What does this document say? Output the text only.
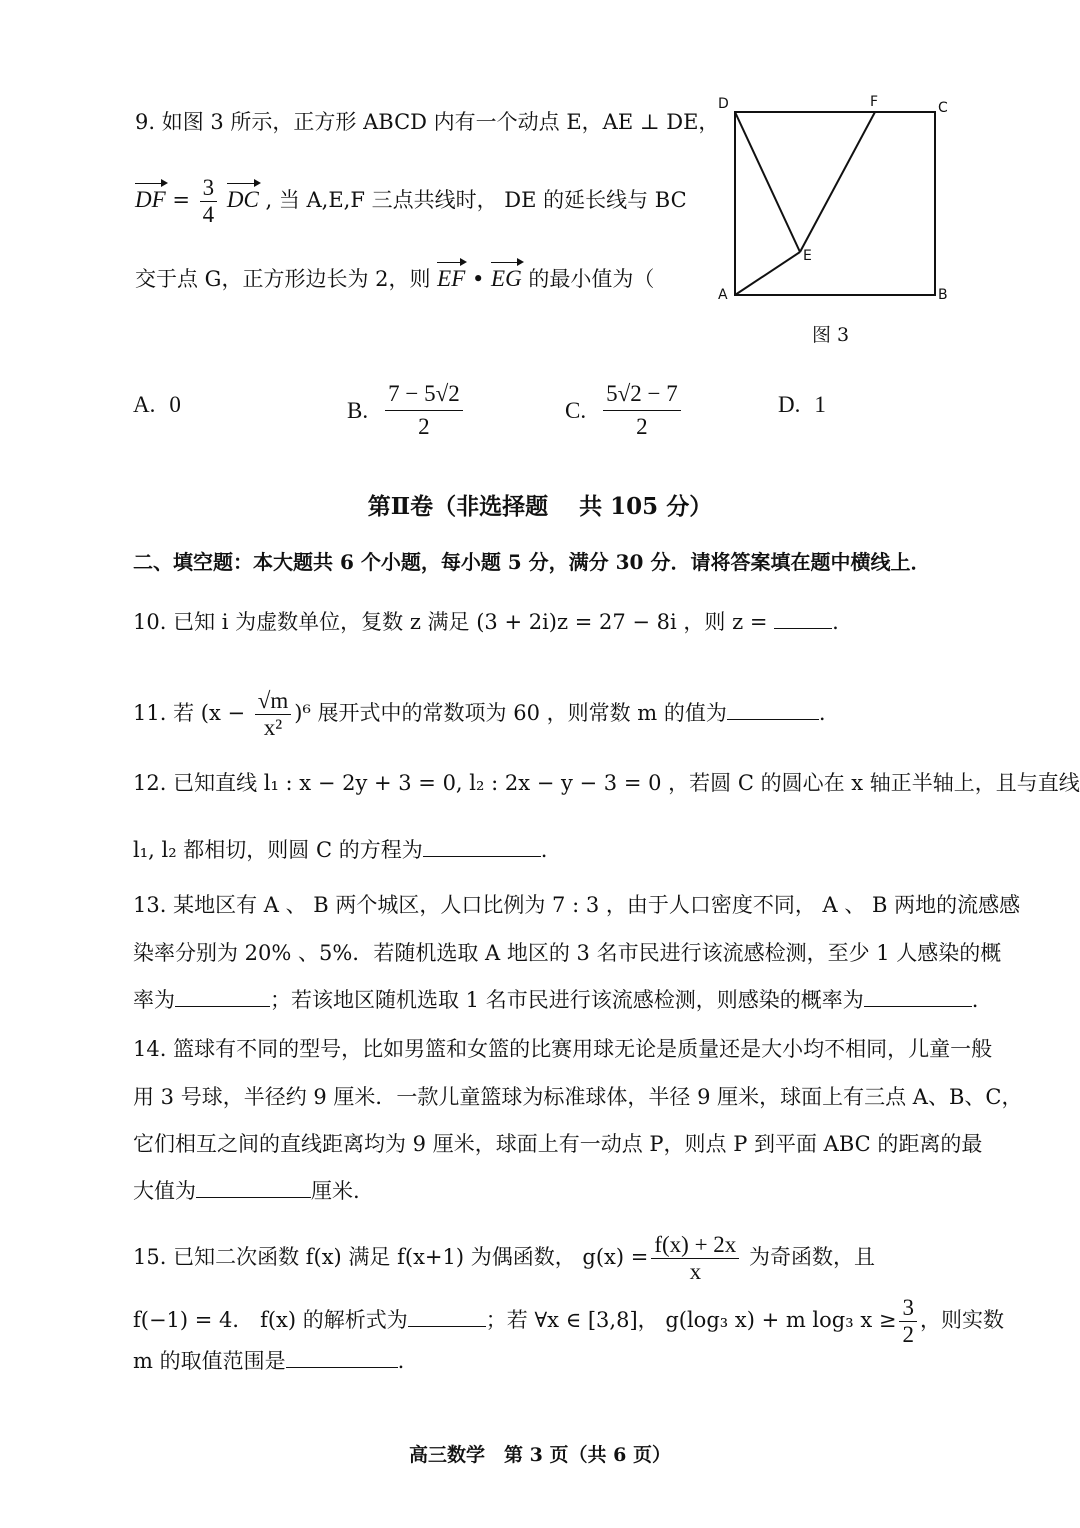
9. 如图 3 所示，正方形 ABCD 内有一个动点 E，AE ⊥ DE，
DF = $\frac{3}{4}$ DC , 当 A,E,F 三点共线时， DE 的延长线与 BC
交于点 G，正方形边长为 2，则 EF • EG 的最小值为（
D	F	C
E
A	B
图 3
A. 0	B. $\frac{7 - 5√2}{2}$	C. $\frac{5√2 - 7}{2}$	D. 1
第Ⅱ卷（非选择题　 共 105 分）
二、填空题：本大题共 6 个小题，每小题 5 分，满分 30 分．请将答案填在题中横线上．
10. 已知 i 为虚数单位，复数 z 满足 (3 + 2i)z = 27 − 8i ，则 z =	.
11. 若 $(x - \frac{√m}{\text{x²}} )^6$ 展开式中的常数项为 60 ，则常数 m 的值为	.
12. 已知直线 l₁ : x − 2y + 3 = 0, l₂ : 2x − y − 3 = 0 ，若圆 C 的圆心在 x 轴正半轴上，且与直线
l₁, l₂ 都相切，则圆 C 的方程为	.
13. 某地区有 A 、 B 两个城区，人口比例为 7 : 3 ，由于人口密度不同， A 、 B 两地的流感感
染率分别为 20% 、5%．若随机选取 A 地区的 3 名市民进行该流感检测，至少 1 人感染的概
率为	；若该地区随机选取 1 名市民进行该流感检测，则感染的概率为	.
14. 篮球有不同的型号，比如男篮和女篮的比赛用球无论是质量还是大小均不相同，儿童一般
用 3 号球，半径约 9 厘米．一款儿童篮球为标准球体，半径 9 厘米，球面上有三点 A、B、C，
它们相互之间的直线距离均为 9 厘米，球面上有一动点 P，则点 P 到平面 ABC 的距离的最
大值为	厘米.
15. 已知二次函数 f(x) 满足 f(x+1) 为偶函数， $g(x) = \frac{f(x) + 2x}{x}$ 为奇函数，且
f(−1) = 4． f(x) 的解析式为	；若 ∀x ∈ [3,8]， g(log₃ x) + m log₃ $x \ge \frac{3}{2}$ ，则实数
m 的取值范围是	.
高三数学　第 3 页（共 6 页）
